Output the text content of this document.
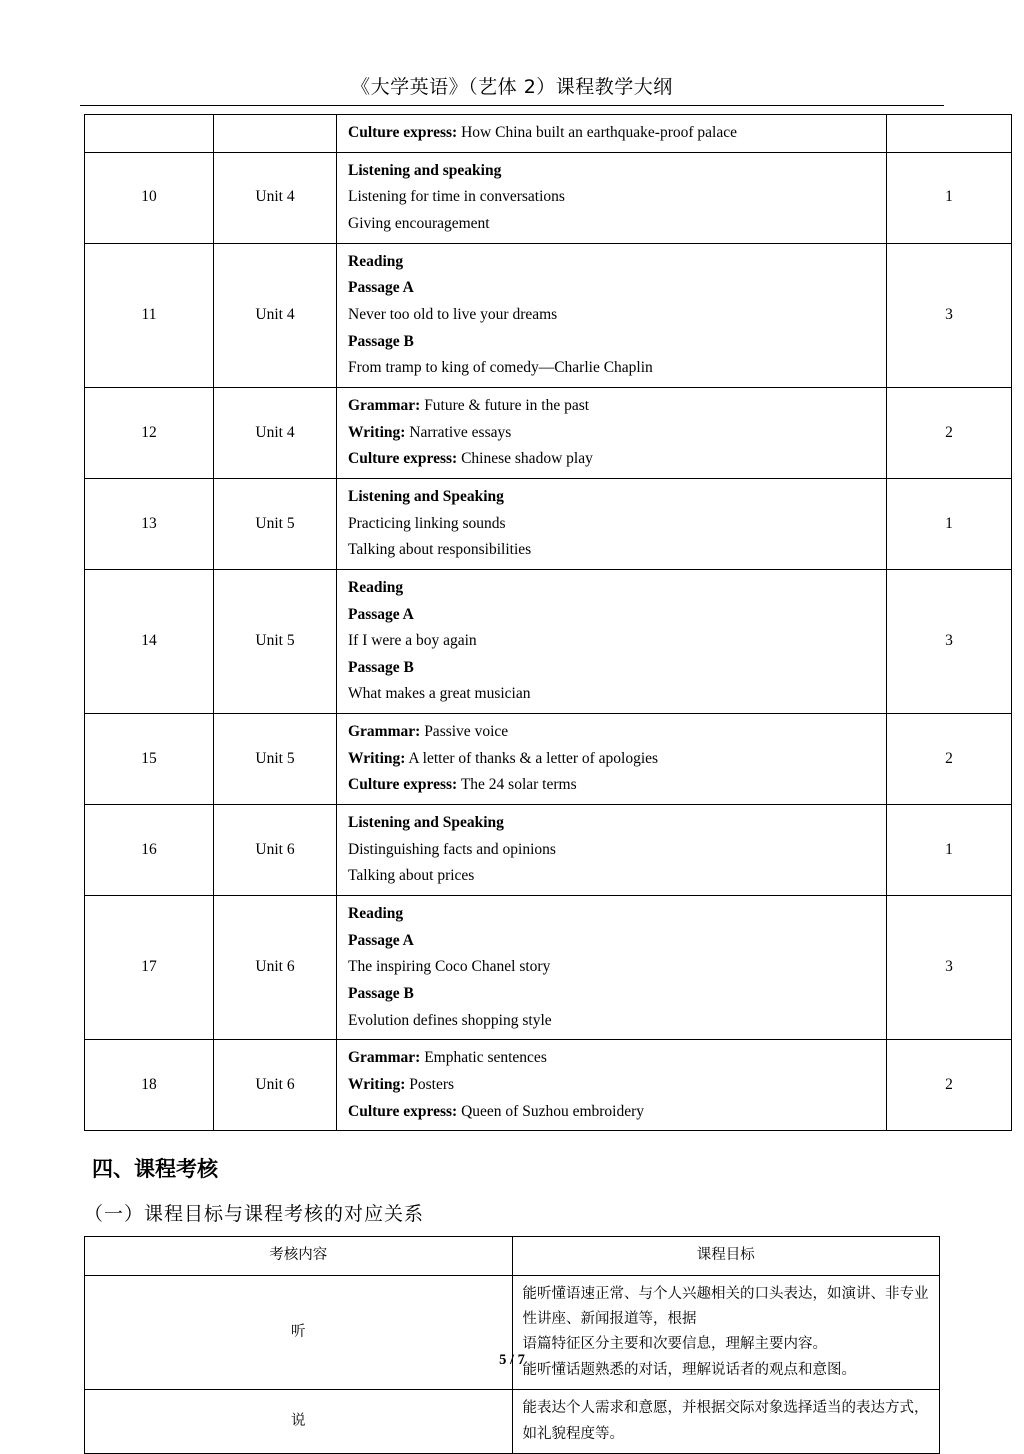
《大学英语》（艺体 2）课程教学大纲

		Culture express: How China built an earthquake-proof palace	

10	Unit 4	Listening and speaking
Listening for time in conversations
Giving encouragement	1
11	Unit 4	Reading
Passage A
Never too old to live your dreams
Passage B
From tramp to king of comedy—Charlie Chaplin	3
12	Unit 4	Grammar: Future & future in the past
Writing: Narrative essays
Culture express: Chinese shadow play	2
13	Unit 5	Listening and Speaking
Practicing linking sounds
Talking about responsibilities	1
14	Unit 5	Reading
Passage A
If I were a boy again
Passage B
What makes a great musician	3
15	Unit 5	Grammar: Passive voice
Writing: A letter of thanks & a letter of apologies
Culture express: The 24 solar terms	2
16	Unit 6	Listening and Speaking
Distinguishing facts and opinions
Talking about prices	1
17	Unit 6	Reading
Passage A
The inspiring Coco Chanel story
Passage B
Evolution defines shopping style	3
18	Unit 6	Grammar: Emphatic sentences
Writing: Posters
Culture express: Queen of Suzhou embroidery	2
四、课程考核
（一）课程目标与课程考核的对应关系
考核内容	课程目标
听	能听懂语速正常、与个人兴趣相关的口头表达，如演讲、非专业性讲座、新闻报道等，根据
语篇特征区分主要和次要信息，理解主要内容。
能听懂话题熟悉的对话，理解说话者的观点和意图。

说	能表达个人需求和意愿，并根据交际对象选择适当的表达方式，如礼貌程度等。
5 / 7
